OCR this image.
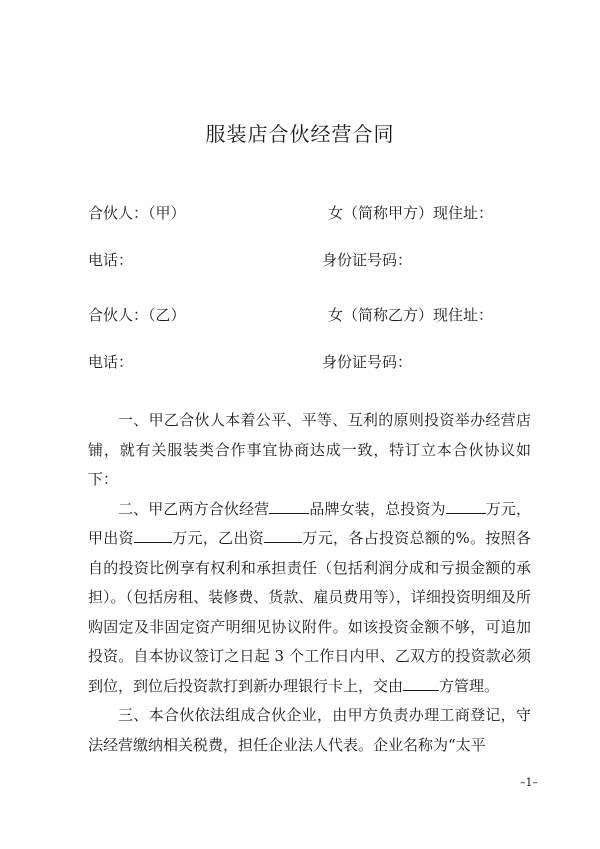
服装店合伙经营合同
合伙人：（甲）	女（简称甲方）现住址：
电话：	身份证号码：
合伙人：（乙）	女（简称乙方）现住址：
电话：	身份证号码：

一、甲乙合伙人本着公平、平等、互利的原则投资举办经营店铺，就有关服装类合作事宜协商达成一致，特订立本合伙协议如下：

二、甲乙两方合伙经营	品牌女装，总投资为	万元，甲出资	万元，乙出资	万元，各占投资总额的%。按照各自的投资比例享有权利和承担责任（包括利润分成和亏损金额的承担）。（包括房租、装修费、货款、雇员费用等），详细投资明细及所购固定及非固定资产明细见协议附件。如该投资金额不够，可追加投资。自本协议签订之日起 3 个工作日内甲、乙双方的投资款必须到位，到位后投资款打到新办理银行卡上，交由 方管理。

三、本合伙依法组成合伙企业，由甲方负责办理工商登记，守法经营缴纳相关税费，担任企业法人代表。企业名称为“太平

–1–
